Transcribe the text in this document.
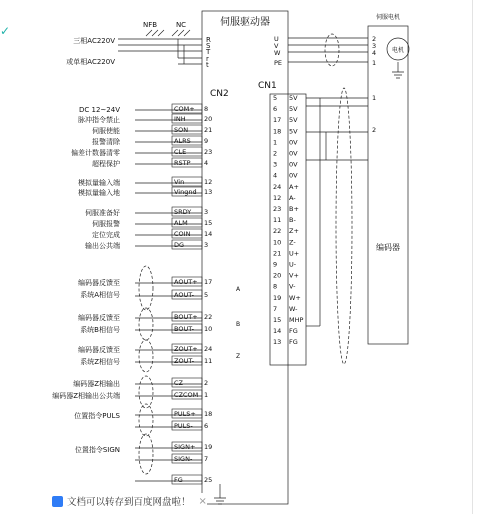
伺服驱动器	伺服电机
电机
编码器
CN1
CN2
NFB	NC
三相AC220V
或单相AC220V
R
S
T
r
t
U
V
W
PE
2
3
4
1
DC 12~24V
脉冲指令禁止
伺服使能
报警清除
偏差计数器清零
超程保护
模拟量输入端
模拟量输入地
伺服准备好
伺服报警
定位完成
输出公共端
编码器反馈至
系统A相信号
编码器反馈至
系统B相信号
编码器反馈至
系统Z相信号
编码器Z相输出
编码器Z相输出公共端
位置指令PULS
位置指令SIGN
COM+ 8
INH	20
SON 21
ALRS 9
CLE	23
RSTP 4
Vin	12
Vingnd 13
SRDY 3
ALM	15
COIN 14
DG	3
AOUT+ 17
AOUT- 5
BOUT+ 22
BOUT- 10
ZOUT+ 24
ZOUT- 11
CZ	2
CZCOM 1
PULS+ 18
PULS- 6
SIGN+ 19
SIGN- 7
FG	25
A
B
Z
5 5V
6 5V
17 5V
18 5V
1 0V
2 0V
3 0V
4 0V
24 A+
12 A-
23 B+
11 B-
22 Z+
10 Z-
21 U+
9 U-
20 V+
8 V-
19 W+
7 W-
15 MHP
14 FG
13 FG
1
2
✓
文档可以转存到百度网盘啦！ ×
